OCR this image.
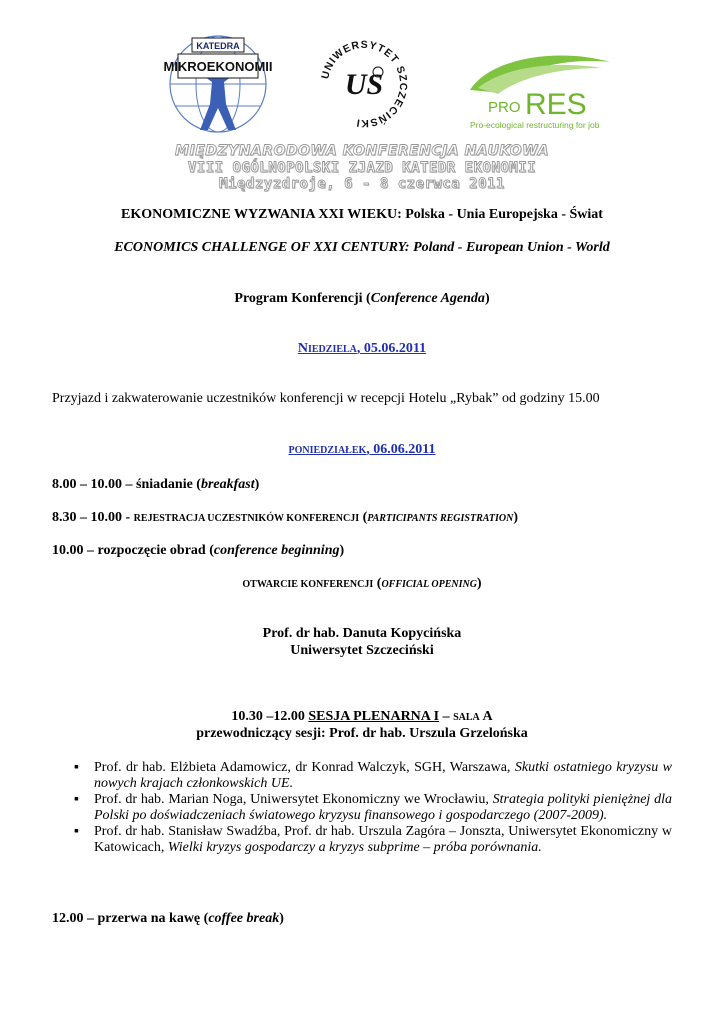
KATEDRA
MIKROEKONOMII
UNIWERSYTET SZCZECIŃSKI
US
PRO RES
Pro-ecological restructuring for job
MIĘDZYNARODOWA KONFERENCJA NAUKOWA
VIII OGÓLNOPOLSKI ZJAZD KATEDR EKONOMII
Międzyzdroje, 6 - 8 czerwca 2011
EKONOMICZNE WYZWANIA XXI WIEKU: Polska - Unia Europejska - Świat
ECONOMICS CHALLENGE OF XXI CENTURY: Poland - European Union - World
Program Konferencji (Conference Agenda)
NIEDZIELA, 05.06.2011
Przyjazd i zakwaterowanie uczestników konferencji w recepcji Hotelu „Rybak” od godziny 15.00
PONIEDZIAŁEK, 06.06.2011
8.00 – 10.00 – śniadanie (breakfast)
8.30 – 10.00 - REJESTRACJA UCZESTNIKÓW KONFERENCJI (PARTICIPANTS REGISTRATION)
10.00 – rozpoczęcie obrad (conference beginning)
OTWARCIE KONFERENCJI (OFFICIAL OPENING)
Prof. dr hab. Danuta Kopycińska
Uniwersytet Szczeciński
10.30 –12.00 SESJA PLENARNA I – SALA A
przewodniczący sesji: Prof. dr hab. Urszula Grzelońska
▪ Prof. dr hab. Elżbieta Adamowicz, dr Konrad Walczyk, SGH, Warszawa, Skutki ostatniego kryzysu w nowych krajach członkowskich UE.
▪ Prof. dr hab. Marian Noga, Uniwersytet Ekonomiczny we Wrocławiu, Strategia polityki pieniężnej dla Polski po doświadczeniach światowego kryzysu finansowego i gospodarczego (2007-2009).
▪ Prof. dr hab. Stanisław Swadźba, Prof. dr hab. Urszula Zagóra – Jonszta, Uniwersytet Ekonomiczny w Katowicach, Wielki kryzys gospodarczy a kryzys subprime – próba porównania.
12.00 – przerwa na kawę (coffee break)
